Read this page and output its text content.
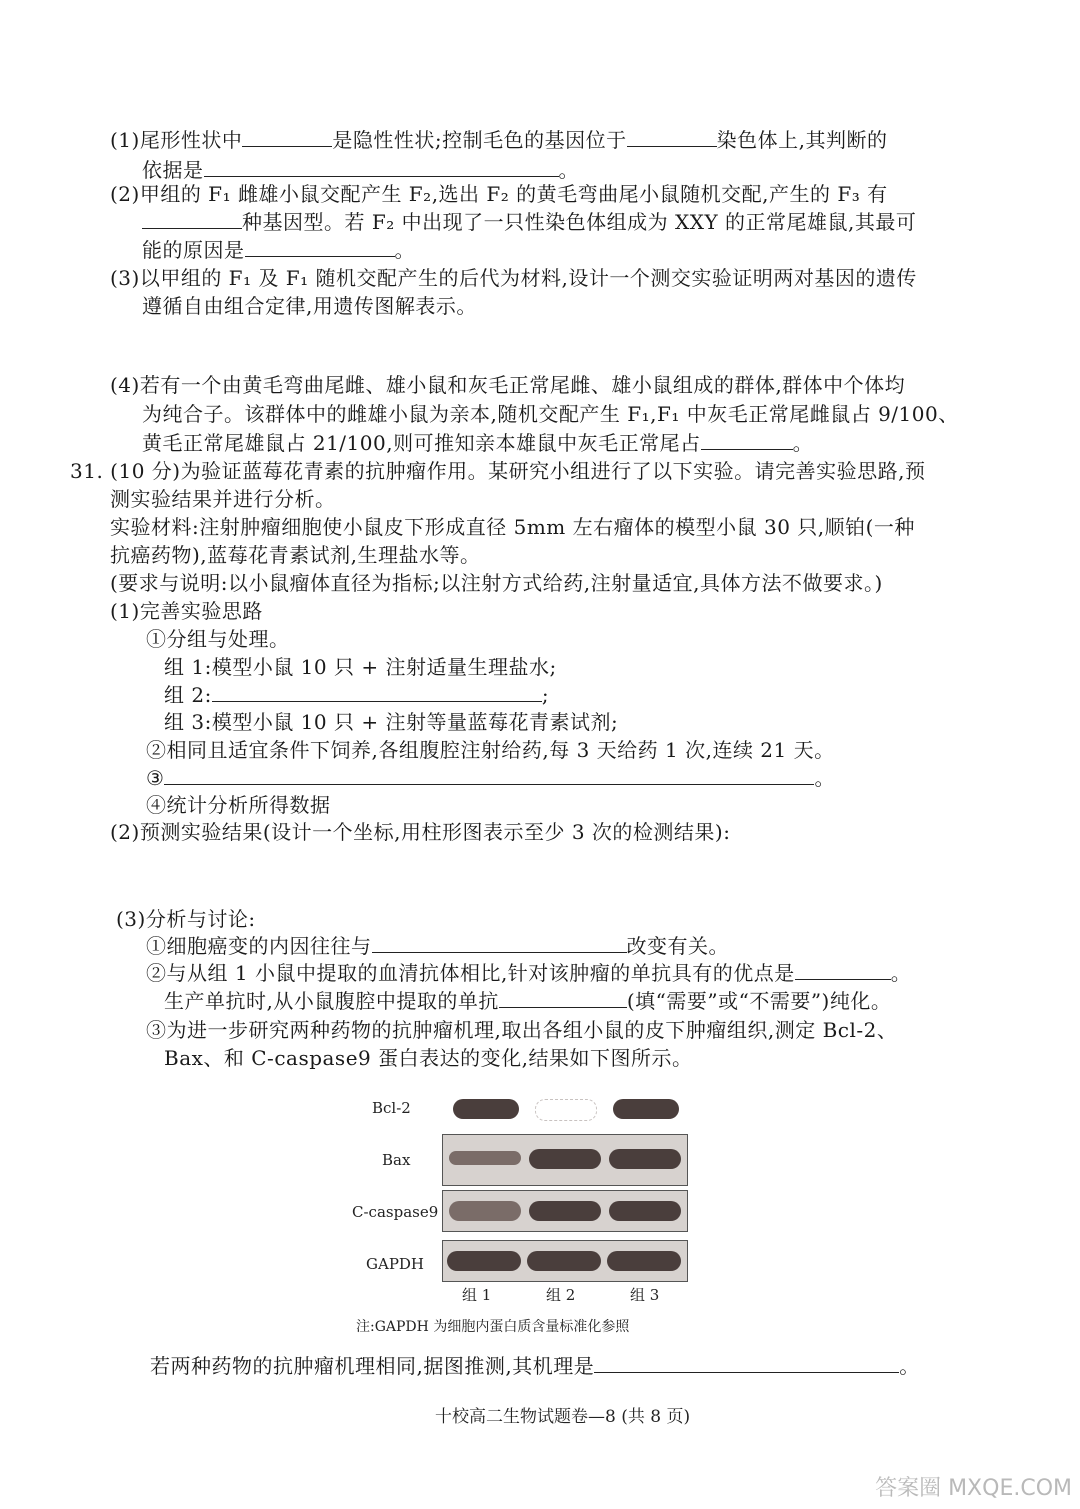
(1)尾形性状中	是隐性性状;控制毛色的基因位于	染色体上,其判断的
依据是	。
(2)甲组的 F₁ 雌雄小鼠交配产生 F₂,选出 F₂ 的黄毛弯曲尾小鼠随机交配,产生的 F₃ 有
种基因型。若 F₂ 中出现了一只性染色体组成为 XXY 的正常尾雄鼠,其最可
能的原因是	。
(3)以甲组的 F₁ 及 F₁ 随机交配产生的后代为材料,设计一个测交实验证明两对基因的遗传
遵循自由组合定律,用遗传图解表示。
(4)若有一个由黄毛弯曲尾雌、雄小鼠和灰毛正常尾雌、雄小鼠组成的群体,群体中个体均
为纯合子。该群体中的雌雄小鼠为亲本,随机交配产生 F₁,F₁ 中灰毛正常尾雌鼠占 9/100、
黄毛正常尾雄鼠占 21/100,则可推知亲本雄鼠中灰毛正常尾占	。
31. (10 分)为验证蓝莓花青素的抗肿瘤作用。某研究小组进行了以下实验。请完善实验思路,预
测实验结果并进行分析。
实验材料:注射肿瘤细胞使小鼠皮下形成直径 5mm 左右瘤体的模型小鼠 30 只,顺铂(一种
抗癌药物),蓝莓花青素试剂,生理盐水等。
(要求与说明:以小鼠瘤体直径为指标;以注射方式给药,注射量适宜,具体方法不做要求。)
(1)完善实验思路
①分组与处理。
组 1:模型小鼠 10 只 + 注射适量生理盐水;
组 2:	;
组 3:模型小鼠 10 只 + 注射等量蓝莓花青素试剂;
②相同且适宜条件下饲养,各组腹腔注射给药,每 3 天给药 1 次,连续 21 天。
③	。
④统计分析所得数据
(2)预测实验结果(设计一个坐标,用柱形图表示至少 3 次的检测结果):
(3)分析与讨论:
①细胞癌变的内因往往与	改变有关。
②与从组 1 小鼠中提取的血清抗体相比,针对该肿瘤的单抗具有的优点是	。
生产单抗时,从小鼠腹腔中提取的单抗	(填“需要”或“不需要”)纯化。
③为进一步研究两种药物的抗肿瘤机理,取出各组小鼠的皮下肿瘤组织,测定 Bcl-2、
Bax、和 C-caspase9 蛋白表达的变化,结果如下图所示。
Bcl-2
Bax
C-caspase9
GAPDH
组 1	组 2	组 3
注:GAPDH 为细胞内蛋白质含量标准化参照
若两种药物的抗肿瘤机理相同,据图推测,其机理是	。
十校高二生物试题卷—8 (共 8 页)
答案圈 MXQE.COM
